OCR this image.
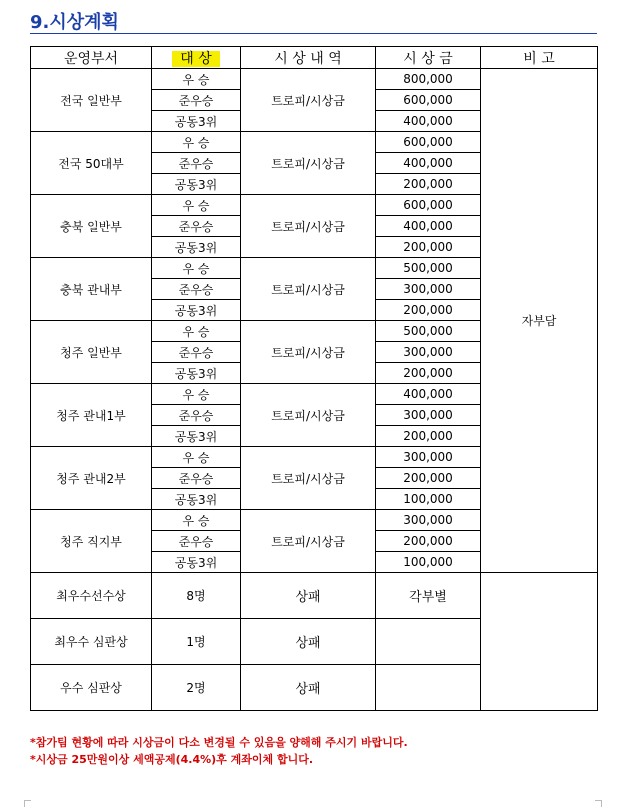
9.시상계획
운영부서	대 상	시 상 내 역	시 상 금	비 고
전국 일반부	우 승	트로피/시상금	800,000	자부담
	준우승		600,000	
	공동3위		400,000	
전국 50대부	우 승	트로피/시상금	600,000	
	준우승		400,000	
	공동3위		200,000	
충북 일반부	우 승	트로피/시상금	600,000	
	준우승		400,000	
	공동3위		200,000	
충북 관내부	우 승	트로피/시상금	500,000	
	준우승		300,000	
	공동3위		200,000	
청주 일반부	우 승	트로피/시상금	500,000	
	준우승		300,000	
	공동3위		200,000	
청주 관내1부	우 승	트로피/시상금	400,000	
	준우승		300,000	
	공동3위		200,000	
청주 관내2부	우 승	트로피/시상금	300,000	
	준우승		200,000	
	공동3위		100,000	
청주 직지부	우 승	트로피/시상금	300,000	
	준우승		200,000	
	공동3위		100,000	
최우수선수상	8명	상패	각부별	
최우수 심판상	1명	상패		
우수 심판상	2명	상패		
*참가팀 현황에 따라 시상금이 다소 변경될 수 있음을 양해해 주시기 바랍니다.
*시상금 25만원이상 세액공제(4.4%)후 계좌이체 합니다.
